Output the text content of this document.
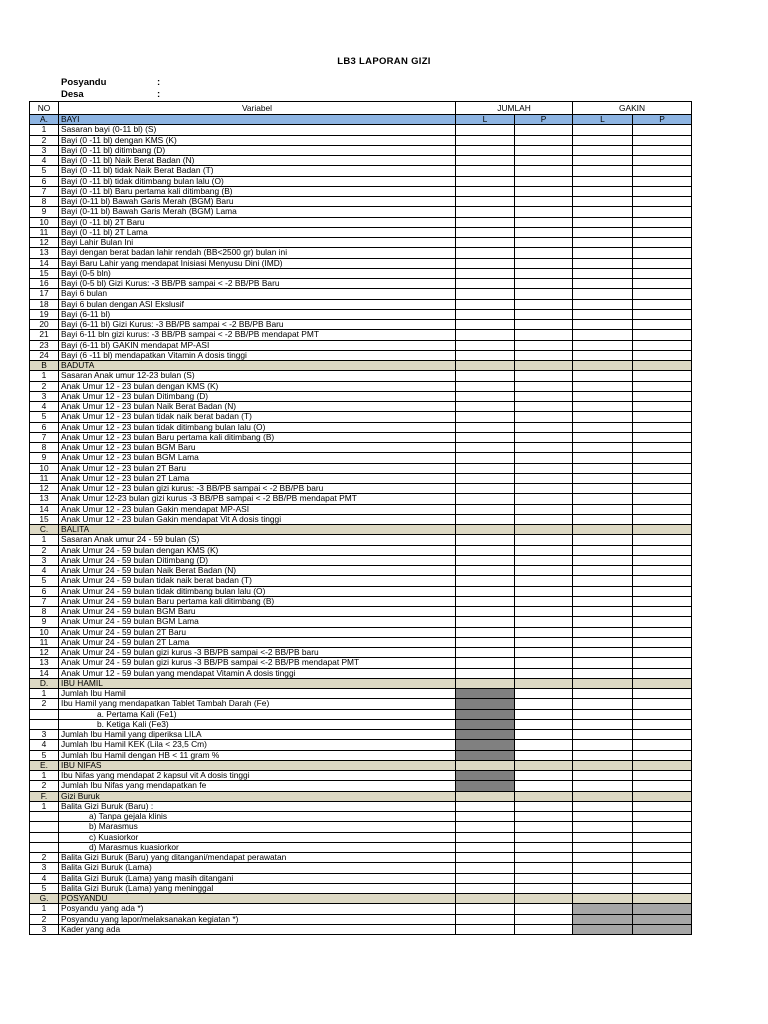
LB3 LAPORAN GIZI
Posyandu	:
Desa	:
NO	Variabel	JUMLAH		GAKIN	
A.	BAYI	L	P	L	P
1	Sasaran bayi (0-11 bl) (S)				
2	Bayi (0 -11 bl) dengan KMS (K)				
3	Bayi (0 -11 bl) ditimbang (D)				
4	Bayi (0 -11 bl) Naik Berat Badan (N)				
5	Bayi (0 -11 bl) tidak Naik Berat Badan (T)				
6	Bayi (0 -11 bl) tidak ditimbang bulan lalu (O)				
7	Bayi (0 -11 bl) Baru pertama kali ditimbang (B)				
8	Bayi (0-11 bl) Bawah Garis Merah (BGM) Baru				
9	Bayi (0-11 bl) Bawah Garis Merah (BGM) Lama				
10	Bayi (0 -11 bl) 2T Baru				
11	Bayi (0 -11 bl) 2T Lama				
12	Bayi Lahir Bulan Ini				
13	Bayi dengan berat badan lahir rendah (BB<2500 gr) bulan ini				
14	Bayi Baru Lahir yang mendapat Inisiasi Menyusu Dini (IMD)				
15	Bayi (0-5 bln)				
16	Bayi (0-5 bl) Gizi Kurus: -3 BB/PB sampai < -2 BB/PB Baru				
17	Bayi 6 bulan				
18	Bayi 6 bulan dengan ASI Ekslusif				
19	Bayi (6-11 bl)				
20	Bayi (6-11 bl) Gizi Kurus: -3 BB/PB sampai < -2 BB/PB Baru				
21	Bayi 6-11 bln gizi kurus: -3 BB/PB sampai < -2 BB/PB mendapat PMT				
23	Bayi (6-11 bl) GAKIN mendapat MP-ASI				
24	Bayi (6 -11 bl) mendapatkan Vitamin A dosis tinggi				
B	BADUTA				
1	Sasaran Anak umur 12-23 bulan (S)				
2	Anak Umur 12 - 23 bulan dengan KMS (K)				
3	Anak Umur 12 - 23 bulan Ditimbang (D)				
4	Anak Umur 12 - 23 bulan Naik Berat Badan (N)				
5	Anak Umur 12 - 23 bulan tidak naik berat badan (T)				
6	Anak Umur 12 - 23 bulan tidak ditimbang bulan lalu (O)				
7	Anak Umur 12 - 23 bulan Baru pertama kali ditimbang (B)				
8	Anak Umur 12 - 23 bulan BGM Baru				
9	Anak Umur 12 - 23 bulan BGM Lama				
10	Anak Umur 12 - 23 bulan 2T Baru				
11	Anak Umur 12 - 23 bulan 2T Lama				
12	Anak Umur 12 - 23 bulan gizi kurus: -3 BB/PB sampai < -2 BB/PB baru				
13	Anak Umur 12-23 bulan gizi kurus -3 BB/PB sampai < -2 BB/PB mendapat PMT				
14	Anak Umur 12 - 23 bulan Gakin mendapat MP-ASI				
15	Anak Umur 12 - 23 bulan Gakin mendapat Vit A dosis tinggi				
C.	BALITA				
1	Sasaran Anak umur 24 - 59 bulan (S)				
2	Anak Umur 24 - 59 bulan dengan KMS (K)				
3	Anak Umur 24 - 59 bulan Ditimbang (D)				
4	Anak Umur 24 - 59 bulan Naik Berat Badan (N)				
5	Anak Umur 24 - 59 bulan tidak naik berat badan (T)				
6	Anak Umur 24 - 59 bulan tidak ditimbang bulan lalu (O)				
7	Anak Umur 24 - 59 bulan Baru pertama kali ditimbang (B)				
8	Anak Umur 24 - 59 bulan BGM Baru				
9	Anak Umur 24 - 59 bulan BGM Lama				
10	Anak Umur 24 - 59 bulan 2T Baru				
11	Anak Umur 24 - 59 bulan 2T Lama				
12	Anak Umur 24 - 59 bulan gizi kurus -3 BB/PB sampai <-2 BB/PB baru				
13	Anak Umur 24 - 59 bulan gizi kurus -3 BB/PB sampai <-2 BB/PB mendapat PMT				
14	Anak Umur 12 - 59 bulan yang mendapat Vitamin A dosis tinggi				
D.	IBU HAMIL				
1	Jumlah Ibu Hamil				
2	Ibu Hamil yang mendapatkan Tablet Tambah Darah (Fe)				
	a. Pertama Kali (Fe1)				
	b. Ketiga Kali (Fe3)				
3	Jumlah Ibu Hamil yang diperiksa LILA				
4	Jumlah Ibu Hamil KEK (Lila < 23,5 Cm)				
5	Jumlah Ibu Hamil dengan HB < 11 gram %				
E.	IBU NIFAS				
1	Ibu Nifas yang mendapat 2 kapsul vit A dosis tinggi				
2	Jumlah Ibu Nifas yang mendapatkan fe				
F.	Gizi Buruk				
1	Balita Gizi Buruk (Baru) :				
	a) Tanpa gejala klinis				
	b) Marasmus				
	c) Kuasiorkor				
	d) Marasmus kuasiorkor				
2	Balita Gizi Buruk (Baru) yang ditangani/mendapat perawatan				
3	Balita Gizi Buruk (Lama)				
4	Balita Gizi Buruk (Lama) yang masih ditangani				
5	Balita Gizi Buruk (Lama) yang meninggal				
G.	POSYANDU				
1	Posyandu yang ada *)				
2	Posyandu yang lapor/melaksanakan kegiatan *)				
3	Kader yang ada				
